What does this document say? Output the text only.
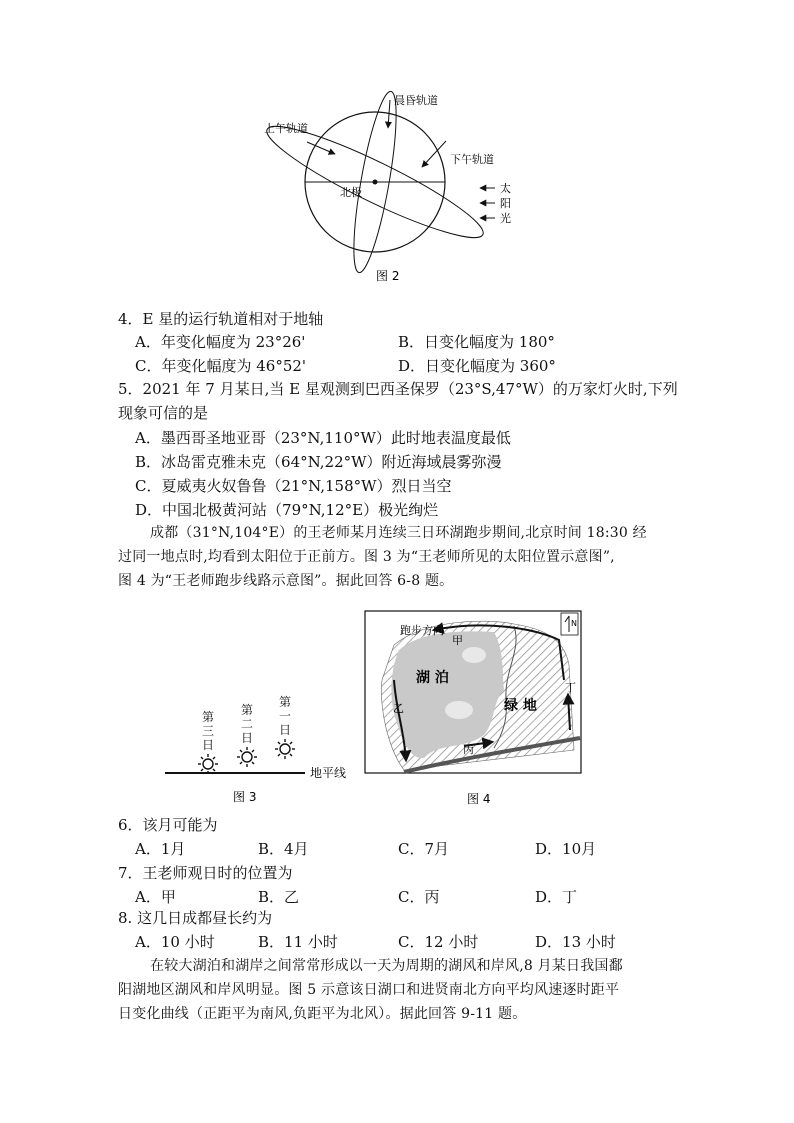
上午轨道
晨昏轨道
下午轨道
北极	太
阳
光
图 2
4．E 星的运行轨道相对于地轴
A．年变化幅度为 23°26'	B．日变化幅度为 180°
C．年变化幅度为 46°52'	D．日变化幅度为 360°
5．2021 年 7 月某日,当 E 星观测到巴西圣保罗（23°S,47°W）的万家灯火时,下列
现象可信的是
A．墨西哥圣地亚哥（23°N,110°W）此时地表温度最低
B．冰岛雷克雅未克（64°N,22°W）附近海域晨雾弥漫
C．夏威夷火奴鲁鲁（21°N,158°W）烈日当空
D．中国北极黄河站（79°N,12°E）极光绚烂
成都（31°N,104°E）的王老师某月连续三日环湖跑步期间,北京时间 18:30 经
过同一地点时,均看到太阳位于正前方。图 3 为“王老师所见的太阳位置示意图”,
图 4 为“王老师跑步线路示意图”。据此回答 6-8 题。
地平线
图 3
第三日
第二日
第一日
N
跑步方向
甲
湖 泊
绿 地
乙
丙
丁
图 4
6．该月可能为
A．1月	B．4月	C．7月	D．10月
7．王老师观日时的位置为
A．甲	B．乙	C．丙	D．丁
8. 这几日成都昼长约为
A．10 小时	B．11 小时	C．12 小时	D．13 小时
在较大湖泊和湖岸之间常常形成以一天为周期的湖风和岸风,8 月某日我国鄱
阳湖地区湖风和岸风明显。图 5 示意该日湖口和进贤南北方向平均风速逐时距平
日变化曲线（正距平为南风,负距平为北风）。据此回答 9-11 题。
